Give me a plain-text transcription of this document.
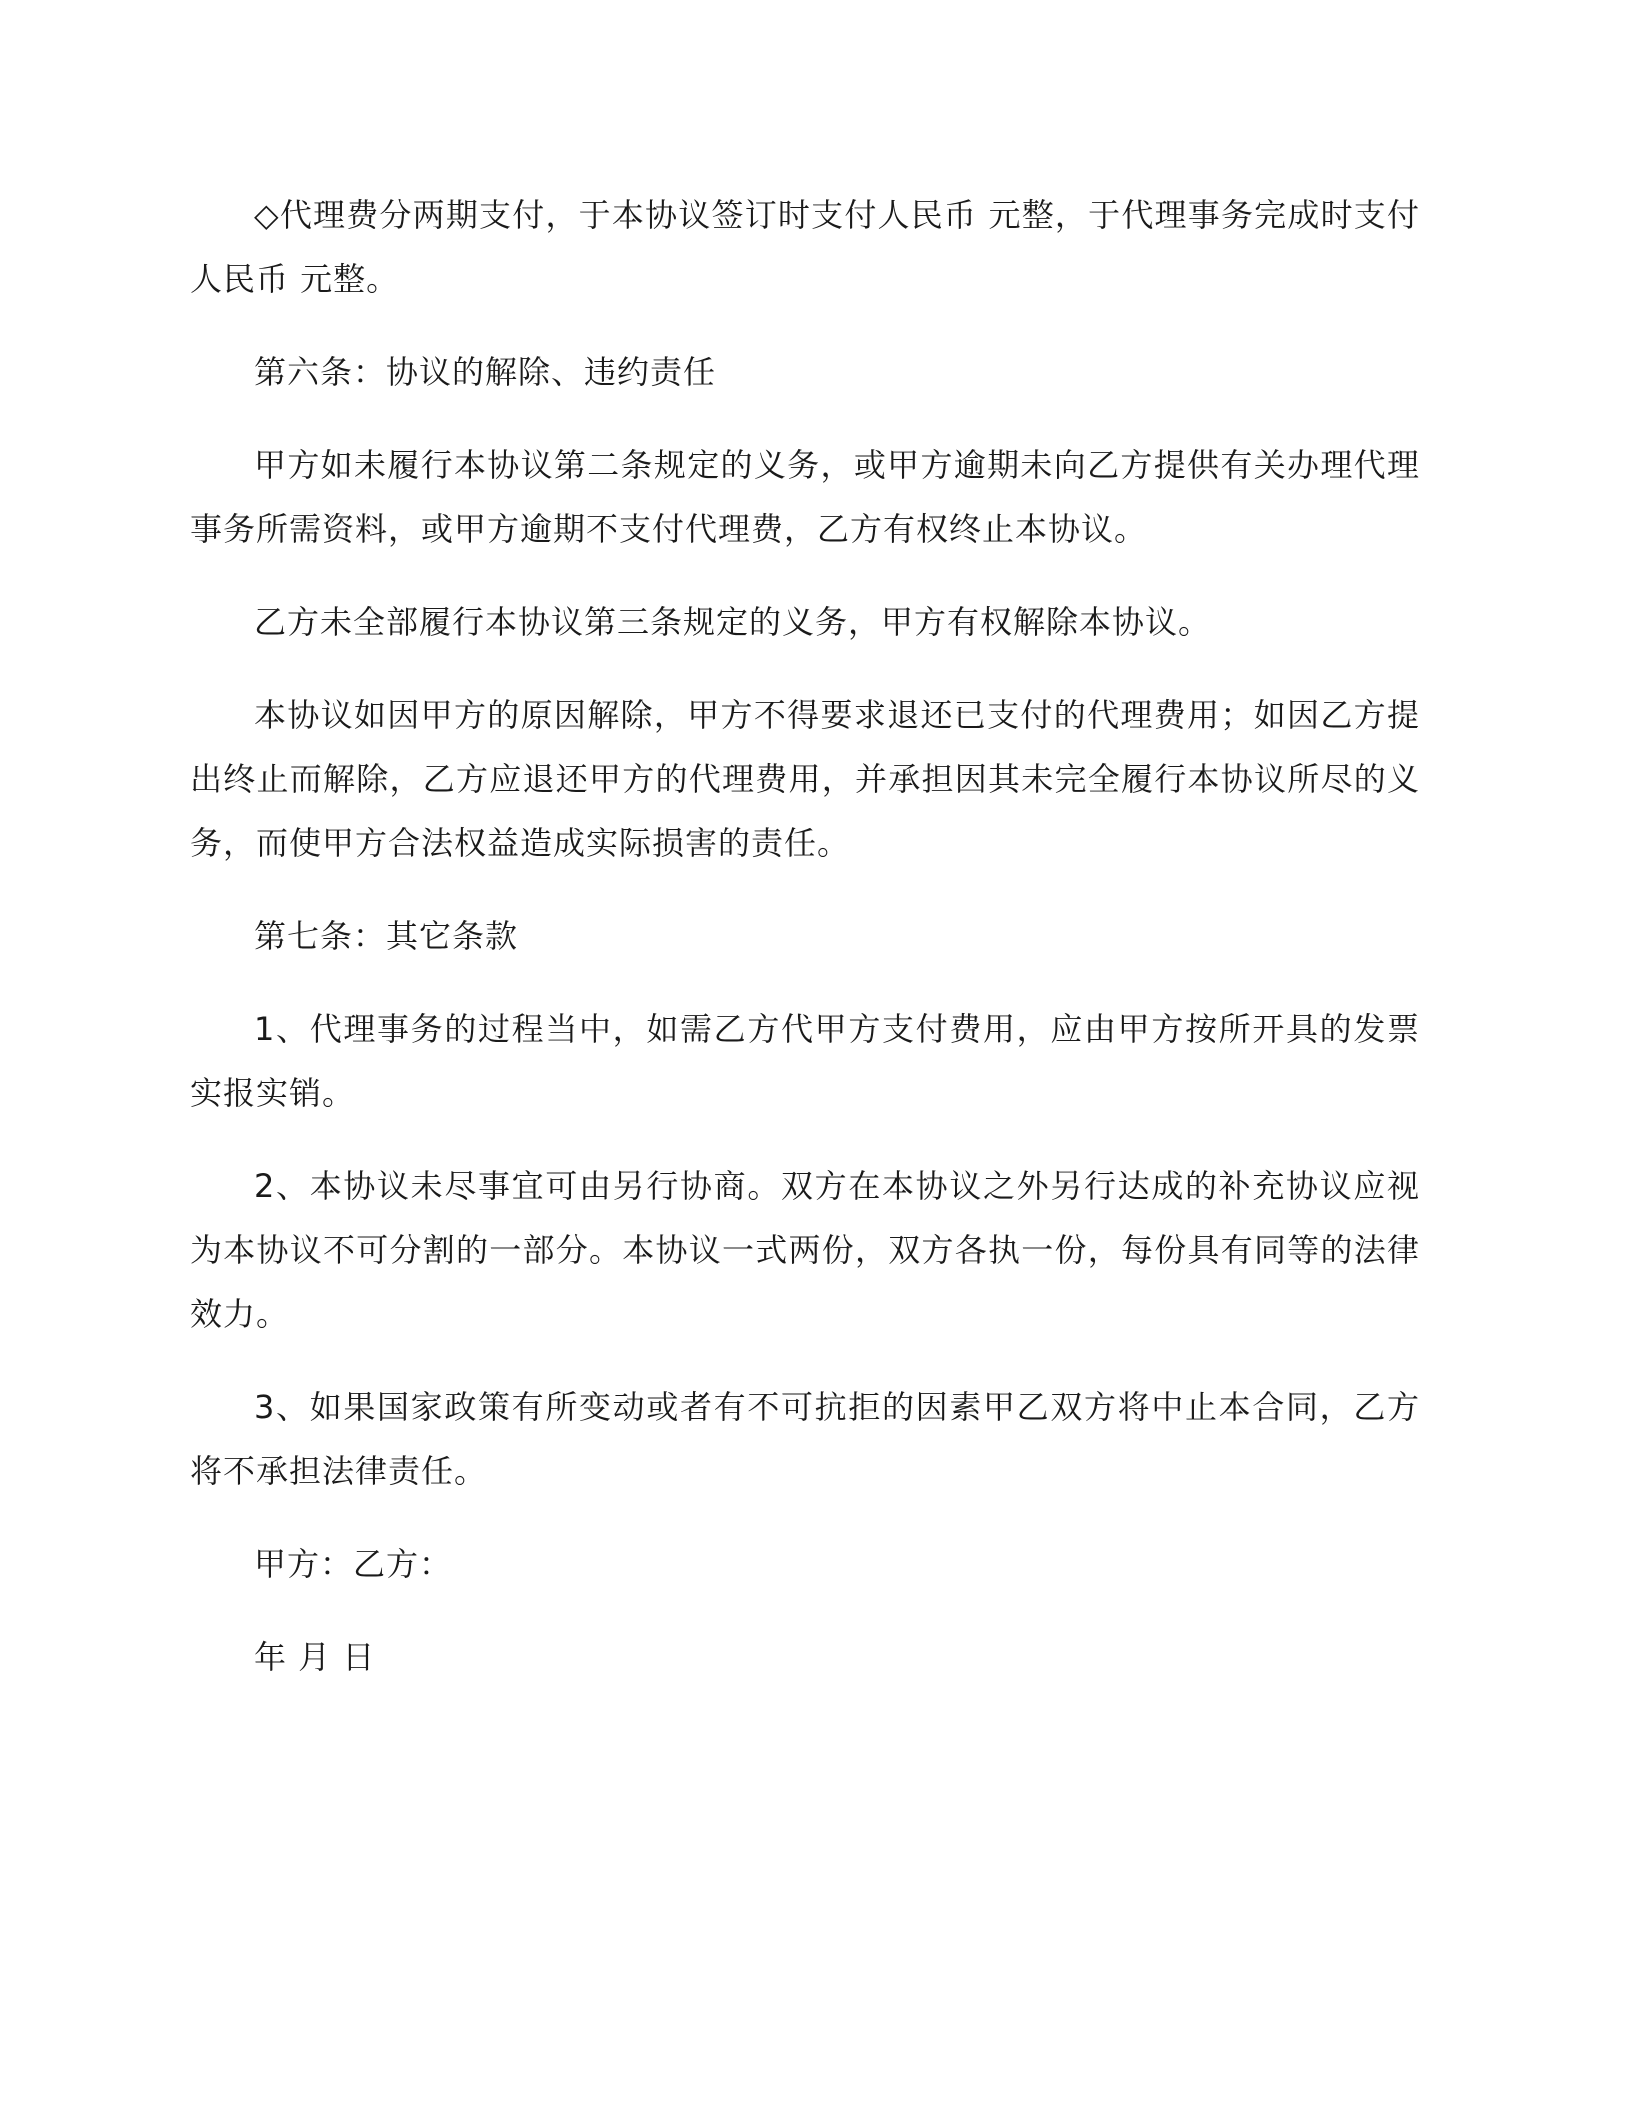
◇代理费分两期支付，于本协议签订时支付人民币 元整，于代理事务完成时支付人民币 元整。

第六条：协议的解除、违约责任

甲方如未履行本协议第二条规定的义务，或甲方逾期未向乙方提供有关办理代理事务所需资料，或甲方逾期不支付代理费，乙方有权终止本协议。

乙方未全部履行本协议第三条规定的义务，甲方有权解除本协议。

本协议如因甲方的原因解除，甲方不得要求退还已支付的代理费用；如因乙方提出终止而解除，乙方应退还甲方的代理费用，并承担因其未完全履行本协议所尽的义务，而使甲方合法权益造成实际损害的责任。

第七条：其它条款

1、代理事务的过程当中，如需乙方代甲方支付费用，应由甲方按所开具的发票实报实销。

2、本协议未尽事宜可由另行协商。双方在本协议之外另行达成的补充协议应视为本协议不可分割的一部分。本协议一式两份，双方各执一份，每份具有同等的法律效力。

3、如果国家政策有所变动或者有不可抗拒的因素甲乙双方将中止本合同，乙方将不承担法律责任。

甲方：乙方：

年 月 日
